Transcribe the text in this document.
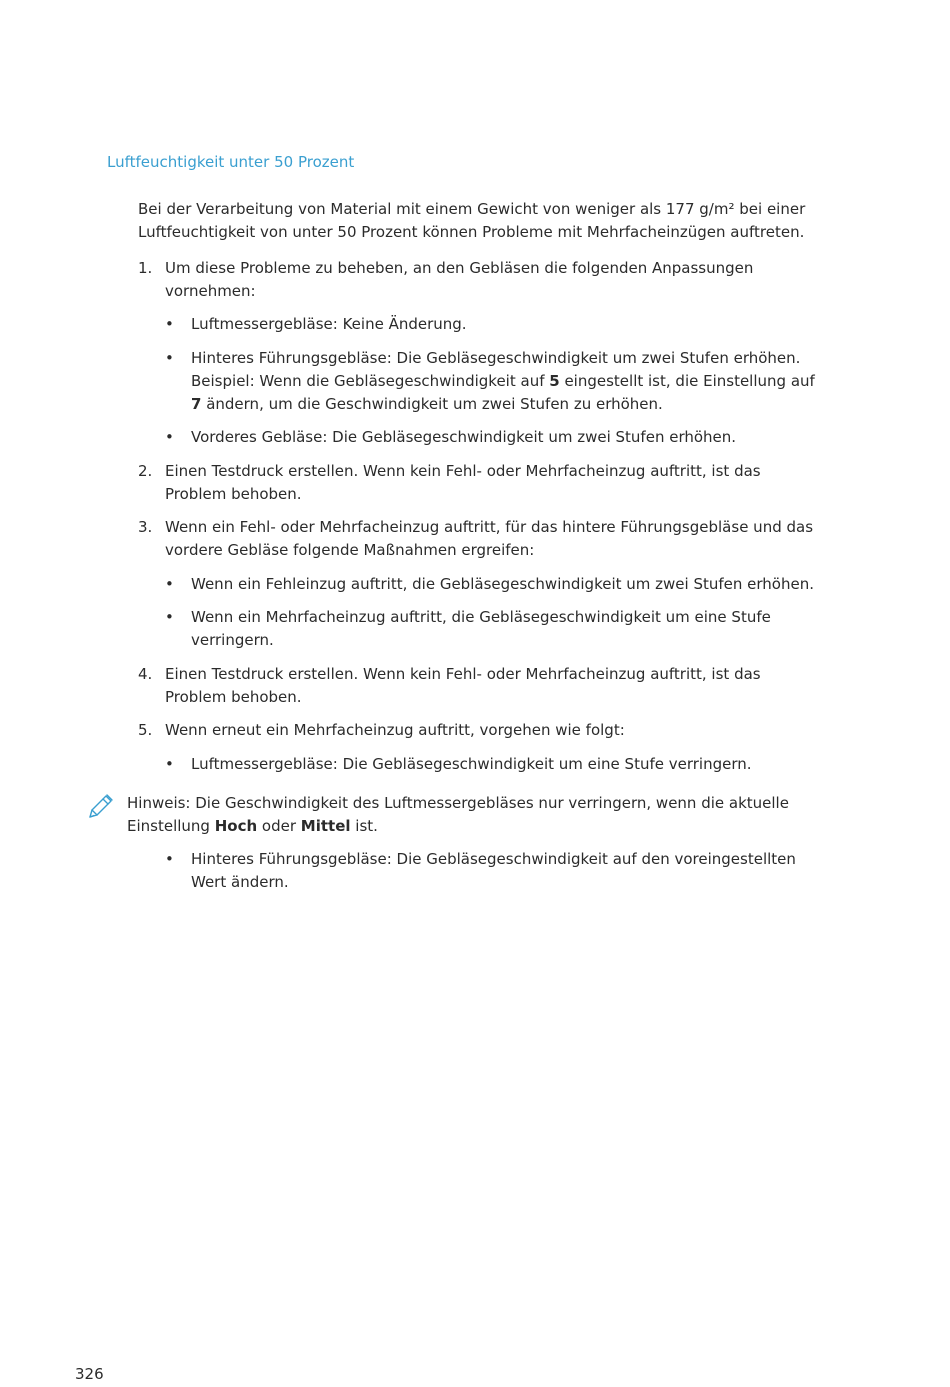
Luftfeuchtigkeit unter 50 Prozent

Bei der Verarbeitung von Material mit einem Gewicht von weniger als 177 g/m² bei einer Luftfeuchtigkeit von unter 50 Prozent können Probleme mit Mehrfacheinzügen auftreten.

1. Um diese Probleme zu beheben, an den Gebläsen die folgenden Anpassungen vornehmen:
•	Luftmessergebläse: Keine Änderung.
•	Hinteres Führungsgebläse: Die Gebläsegeschwindigkeit um zwei Stufen erhöhen. Beispiel: Wenn die Gebläsegeschwindigkeit auf 5 eingestellt ist, die Einstellung auf 7 ändern, um die Geschwindigkeit um zwei Stufen zu erhöhen.
•	Vorderes Gebläse: Die Gebläsegeschwindigkeit um zwei Stufen erhöhen.
2. Einen Testdruck erstellen. Wenn kein Fehl- oder Mehrfacheinzug auftritt, ist das Problem behoben.
3. Wenn ein Fehl- oder Mehrfacheinzug auftritt, für das hintere Führungsgebläse und das vordere Gebläse folgende Maßnahmen ergreifen:
•	Wenn ein Fehleinzug auftritt, die Gebläsegeschwindigkeit um zwei Stufen erhöhen.
•	Wenn ein Mehrfacheinzug auftritt, die Gebläsegeschwindigkeit um eine Stufe verringern.
4. Einen Testdruck erstellen. Wenn kein Fehl- oder Mehrfacheinzug auftritt, ist das Problem behoben.
5. Wenn erneut ein Mehrfacheinzug auftritt, vorgehen wie folgt:
•	Luftmessergebläse: Die Gebläsegeschwindigkeit um eine Stufe verringern.
Hinweis: Die Geschwindigkeit des Luftmessergebläses nur verringern, wenn die aktuelle Einstellung Hoch oder Mittel ist.
•	Hinteres Führungsgebläse: Die Gebläsegeschwindigkeit auf den voreingestellten Wert ändern.

326
